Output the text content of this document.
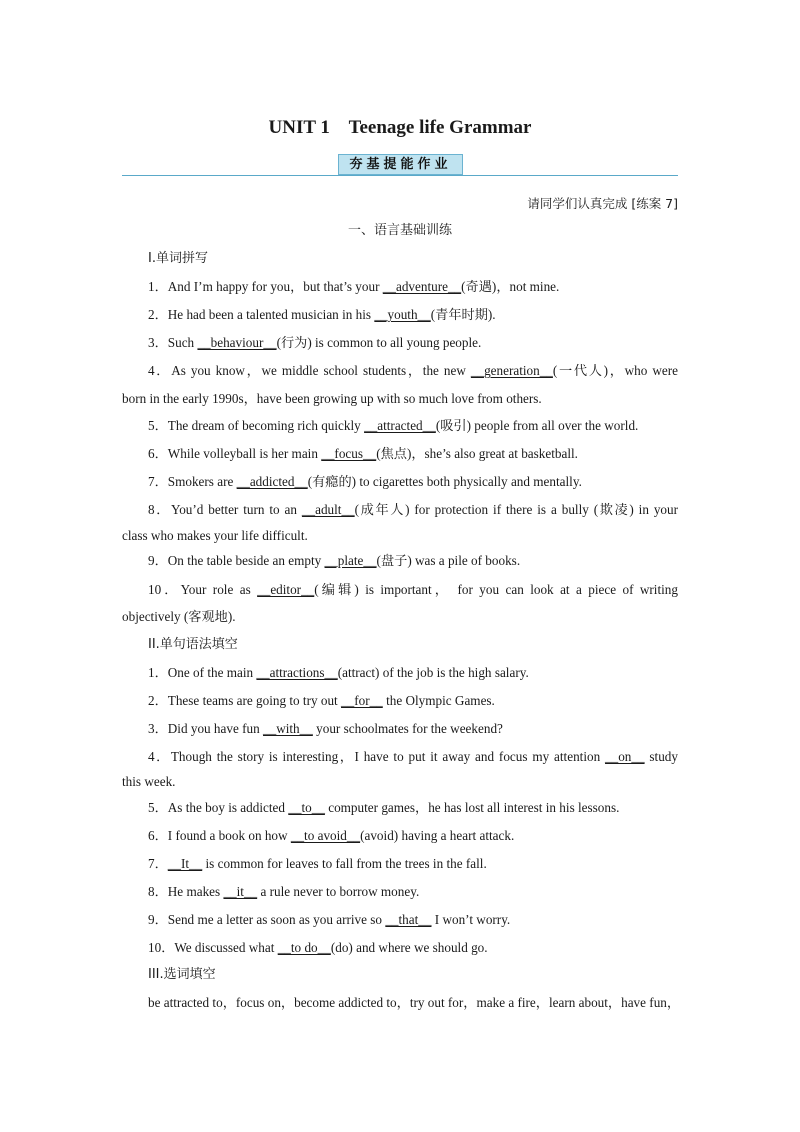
UNIT 1    Teenage life Grammar
夯基提能作业
请同学们认真完成 [练案 7]
一、语言基础训练
I.单词拼写
1．And I’m happy for you，but that’s your __adventure__(奇遇)，not mine.
2．He had been a talented musician in his __youth__(青年时期).
3．Such __behaviour__(行为) is common to all young people.
4．As you know，we middle school students，the new __generation__(一代人)，who were
born in the early 1990s，have been growing up with so much love from others.
5．The dream of becoming rich quickly __attracted__(吸引) people from all over the world.
6．While volleyball is her main __focus__(焦点)，she’s also great at basketball.
7．Smokers are __addicted__(有瘾的) to cigarettes both physically and mentally.
8．You’d better turn to an __adult__(成年人) for protection if there is a bully (欺凌) in your
class who makes your life difficult.
9．On the table beside an empty __plate__(盘子) was a pile of books.
10．Your role as __editor__(编辑) is important， for you can look at a piece of writing
objectively (客观地).
II.单句语法填空
1．One of the main __attractions__(attract) of the job is the high salary.
2．These teams are going to try out __for__ the Olympic Games.
3．Did you have fun __with__ your schoolmates for the weekend?
4．Though the story is interesting，I have to put it away and focus my attention __on__ study
this week.
5．As the boy is addicted __to__ computer games，he has lost all interest in his lessons.
6．I found a book on how __to avoid__(avoid) having a heart attack.
7．__It__ is common for leaves to fall from the trees in the fall.
8．He makes __it__ a rule never to borrow money.
9．Send me a letter as soon as you arrive so __that__ I won’t worry.
10．We discussed what __to do__(do) and where we should go.
III.选词填空
be attracted to，focus on，become addicted to，try out for，make a fire，learn about，have fun，
